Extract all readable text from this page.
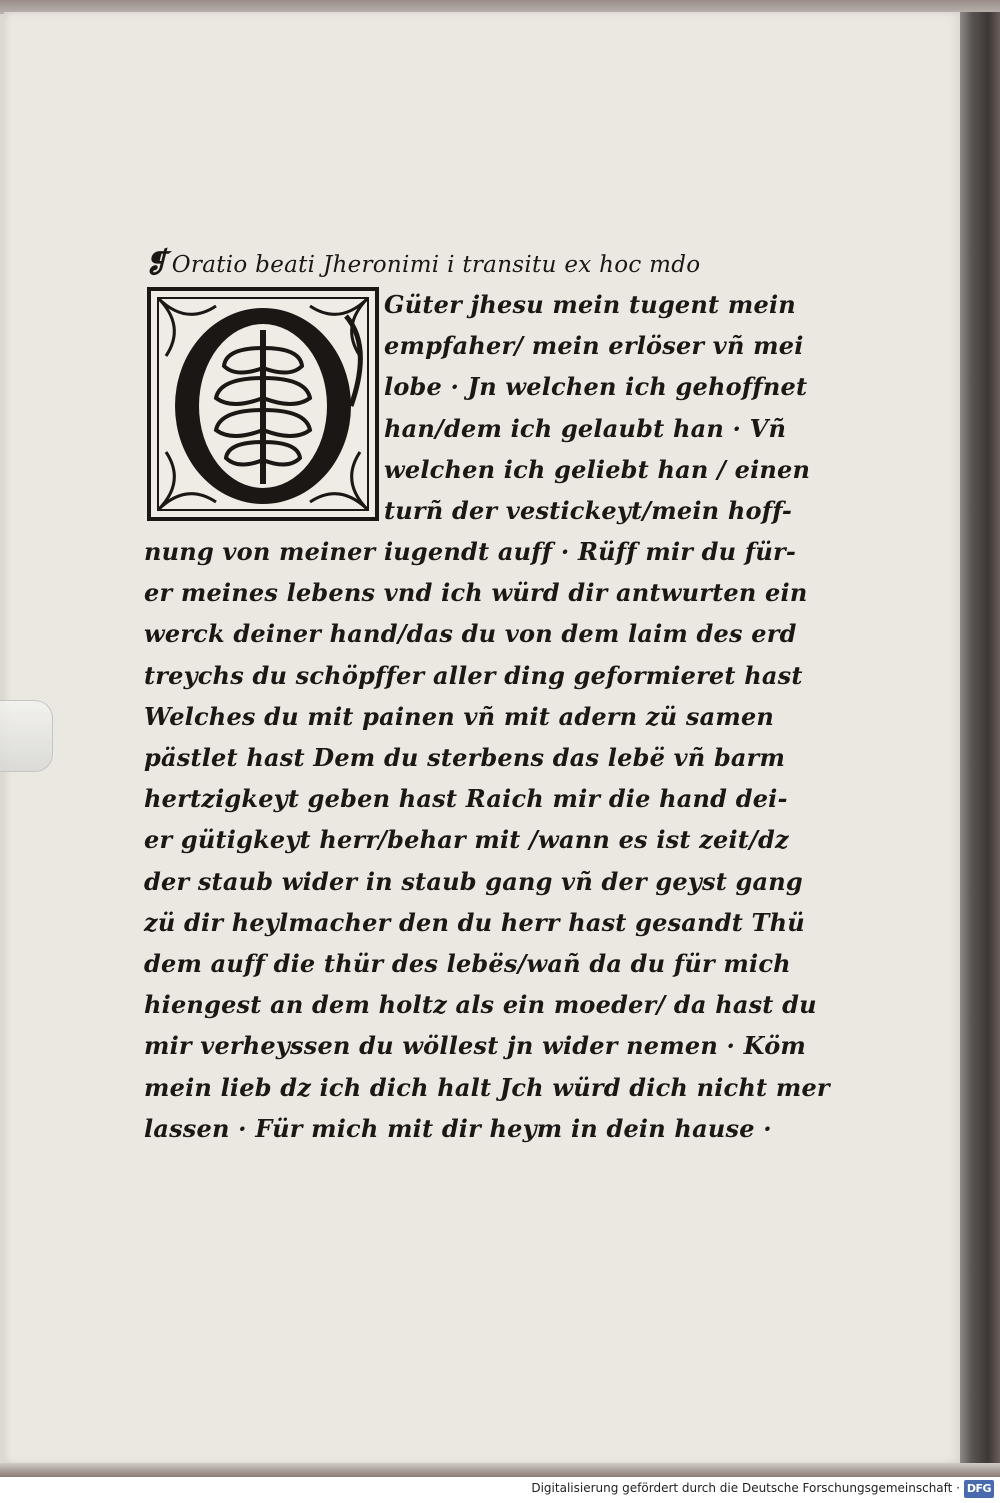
❡ Oratio beati Jheronimi i transitu ex hoc mdo
Güter jhesu mein tugent mein
empfaher/ mein erlöser vñ mei
lobe · Jn welchen ich gehoffnet
han/dem ich gelaubt han · Vñ
welchen ich geliebt han / einen
turñ der vestickeyt/mein hoff-
nung von meiner iugendt auff · Rüff mir du für-
er meines lebens vnd ich würd dir antwurten ein
werck deiner hand/das du von dem laim des erd
treychs du schöpffer aller ding geformieret hast
Welches du mit painen vñ mit adern zü samen
pästlet hast Dem du sterbens das lebë vñ barm
hertzigkeyt geben hast Raich mir die hand dei-
er gütigkeyt herr/behar mit /wann es ist zeit/dz
der staub wider in staub gang vñ der geyst gang
zü dir heylmacher den du herr hast gesandt Thü
dem auff die thür des lebës/wañ da du für mich
hiengest an dem holtz als ein moeder/ da hast du
mir verheyssen du wöllest jn wider nemen · Köm
mein lieb dz ich dich halt Jch würd dich nicht mer
lassen · Für mich mit dir heym in dein hause ·
Digitalisierung gefördert durch die Deutsche Forschungsgemeinschaft · DFG
